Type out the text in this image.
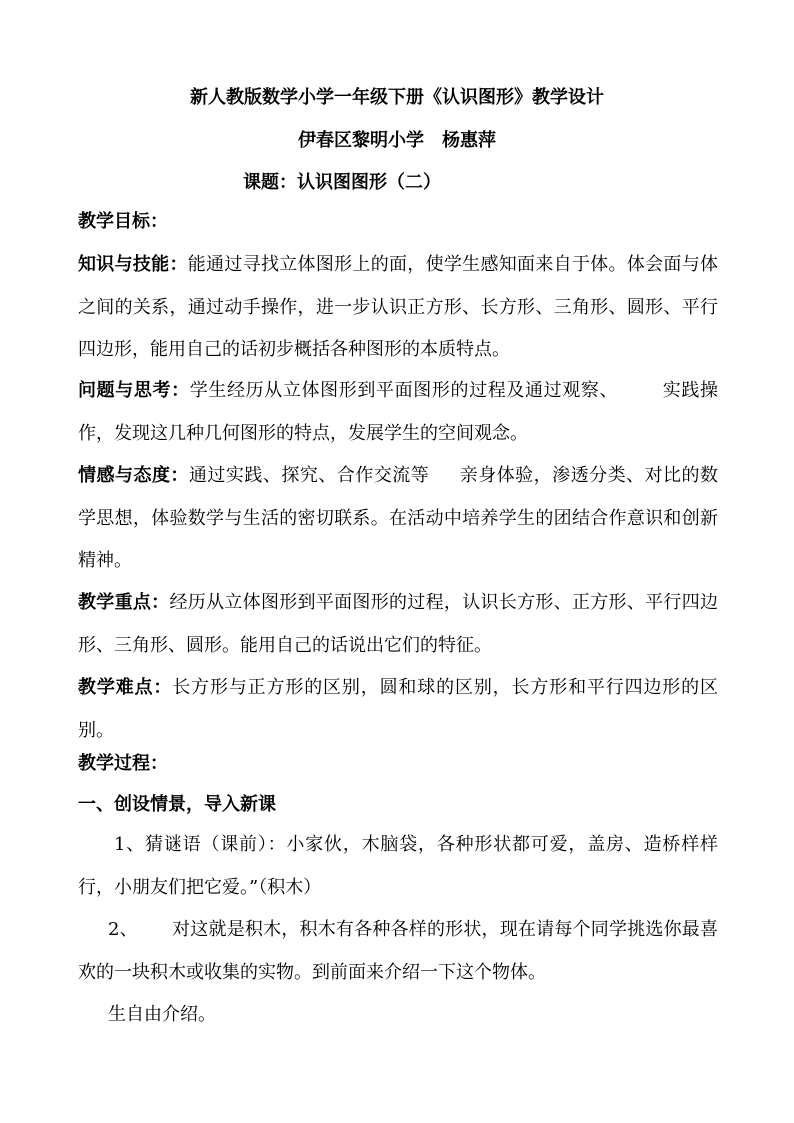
新人教版数学小学一年级下册《认识图形》教学设计
伊春区黎明小学　杨惠萍
课题：认识图图形（二）
教学目标：
知识与技能：能通过寻找立体图形上的面，使学生感知面来自于体。体会面与体之间的关系，通过动手操作，进一步认识正方形、长方形、三角形、圆形、平行四边形，能用自己的话初步概括各种图形的本质特点。
问题与思考：学生经历从立体图形到平面图形的过程及通过观察、 实践操作，发现这几种几何图形的特点，发展学生的空间观念。
情感与态度：通过实践、探究、合作交流等 亲身体验，渗透分类、对比的数学思想，体验数学与生活的密切联系。在活动中培养学生的团结合作意识和创新精神。
教学重点：经历从立体图形到平面图形的过程，认识长方形、正方形、平行四边形、三角形、圆形。能用自己的话说出它们的特征。
教学难点：长方形与正方形的区别，圆和球的区别，长方形和平行四边形的区别。
教学过程：
一、创设情景，导入新课
1、猜谜语（课前）：小家伙，木脑袋，各种形状都可爱，盖房、造桥样样行，小朋友们把它爱。”（积木）
2、 对这就是积木，积木有各种各样的形状，现在请每个同学挑选你最喜欢的一块积木或收集的实物。到前面来介绍一下这个物体。
生自由介绍。
